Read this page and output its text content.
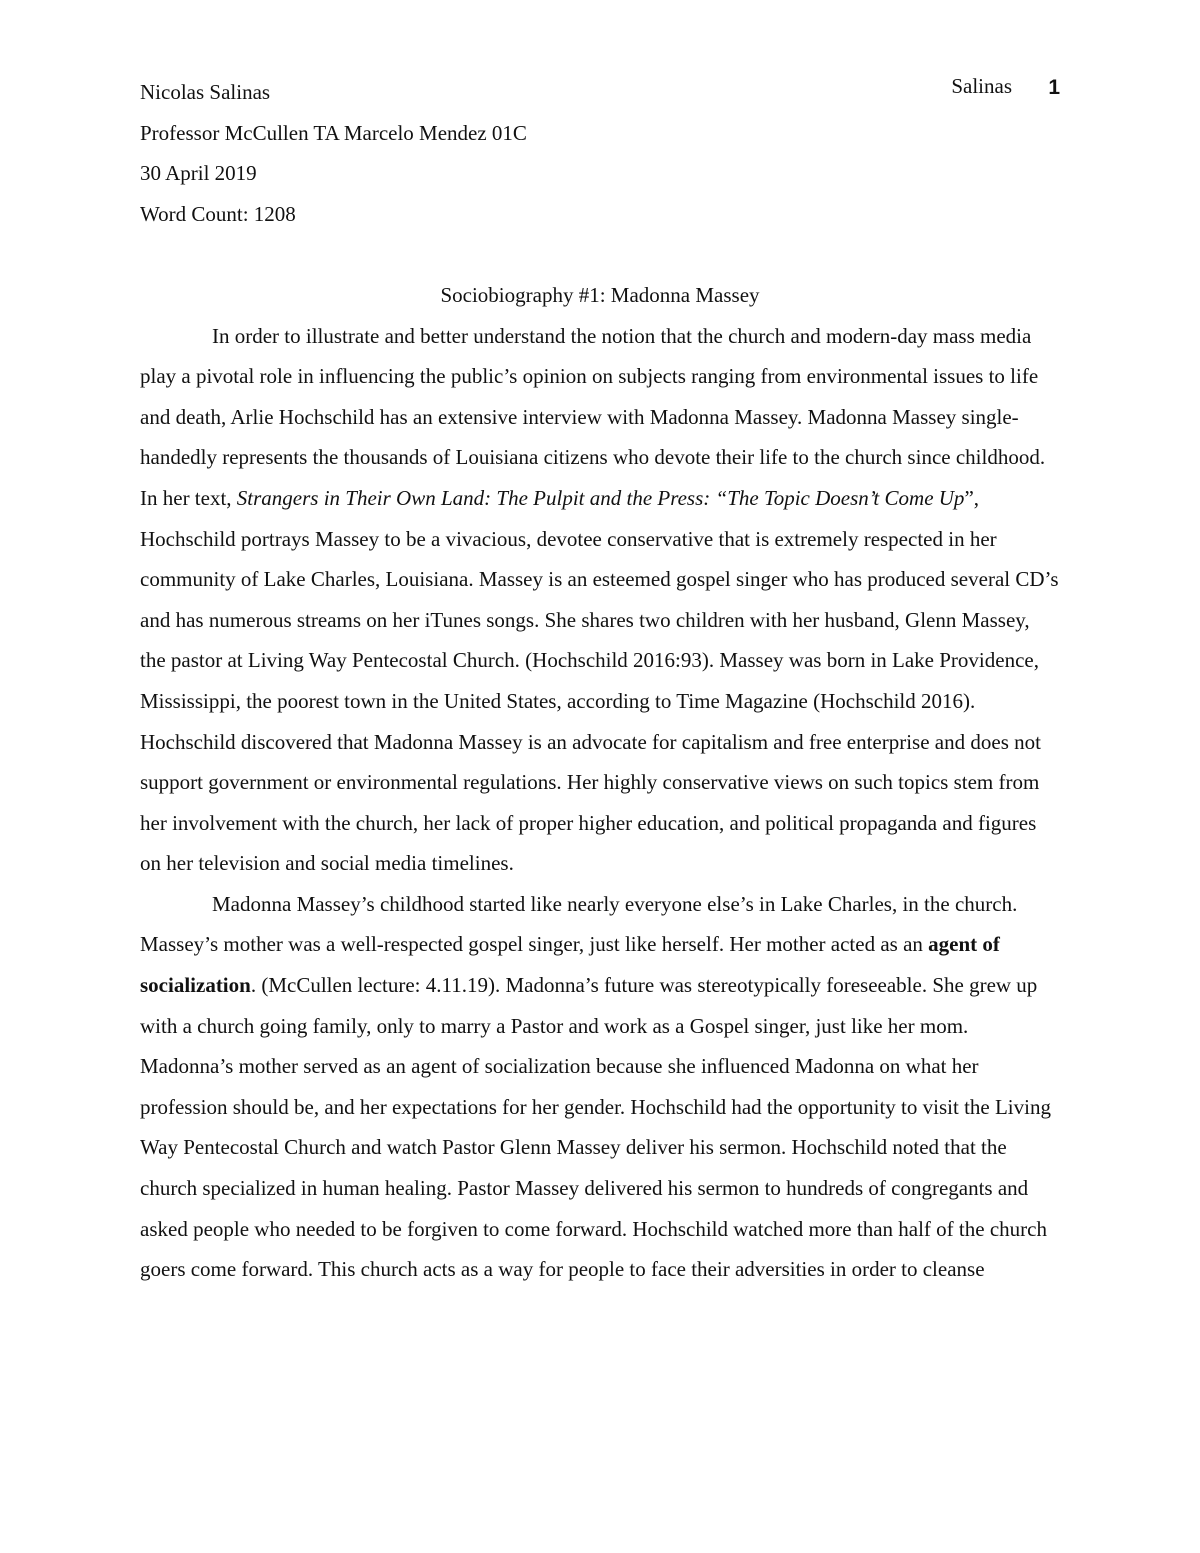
Salinas 1

Nicolas Salinas

Professor McCullen TA Marcelo Mendez 01C

30 April 2019

Word Count: 1208

Sociobiography #1: Madonna Massey

In order to illustrate and better understand the notion that the church and modern-day mass media play a pivotal role in influencing the public’s opinion on subjects ranging from environmental issues to life and death, Arlie Hochschild has an extensive interview with Madonna Massey. Madonna Massey single-handedly represents the thousands of Louisiana citizens who devote their life to the church since childhood. In her text, Strangers in Their Own Land: The Pulpit and the Press: “The Topic Doesn’t Come Up”, Hochschild portrays Massey to be a vivacious, devotee conservative that is extremely respected in her community of Lake Charles, Louisiana. Massey is an esteemed gospel singer who has produced several CD’s and has numerous streams on her iTunes songs. She shares two children with her husband, Glenn Massey, the pastor at Living Way Pentecostal Church. (Hochschild 2016:93). Massey was born in Lake Providence, Mississippi, the poorest town in the United States, according to Time Magazine (Hochschild 2016). Hochschild discovered that Madonna Massey is an advocate for capitalism and free enterprise and does not support government or environmental regulations. Her highly conservative views on such topics stem from her involvement with the church, her lack of proper higher education, and political propaganda and figures on her television and social media timelines.

Madonna Massey’s childhood started like nearly everyone else’s in Lake Charles, in the church. Massey’s mother was a well-respected gospel singer, just like herself. Her mother acted as an agent of socialization. (McCullen lecture: 4.11.19). Madonna’s future was stereotypically foreseeable. She grew up with a church going family, only to marry a Pastor and work as a Gospel singer, just like her mom. Madonna’s mother served as an agent of socialization because she influenced Madonna on what her profession should be, and her expectations for her gender. Hochschild had the opportunity to visit the Living Way Pentecostal Church and watch Pastor Glenn Massey deliver his sermon. Hochschild noted that the church specialized in human healing. Pastor Massey delivered his sermon to hundreds of congregants and asked people who needed to be forgiven to come forward. Hochschild watched more than half of the church goers come forward. This church acts as a way for people to face their adversities in order to cleanse
